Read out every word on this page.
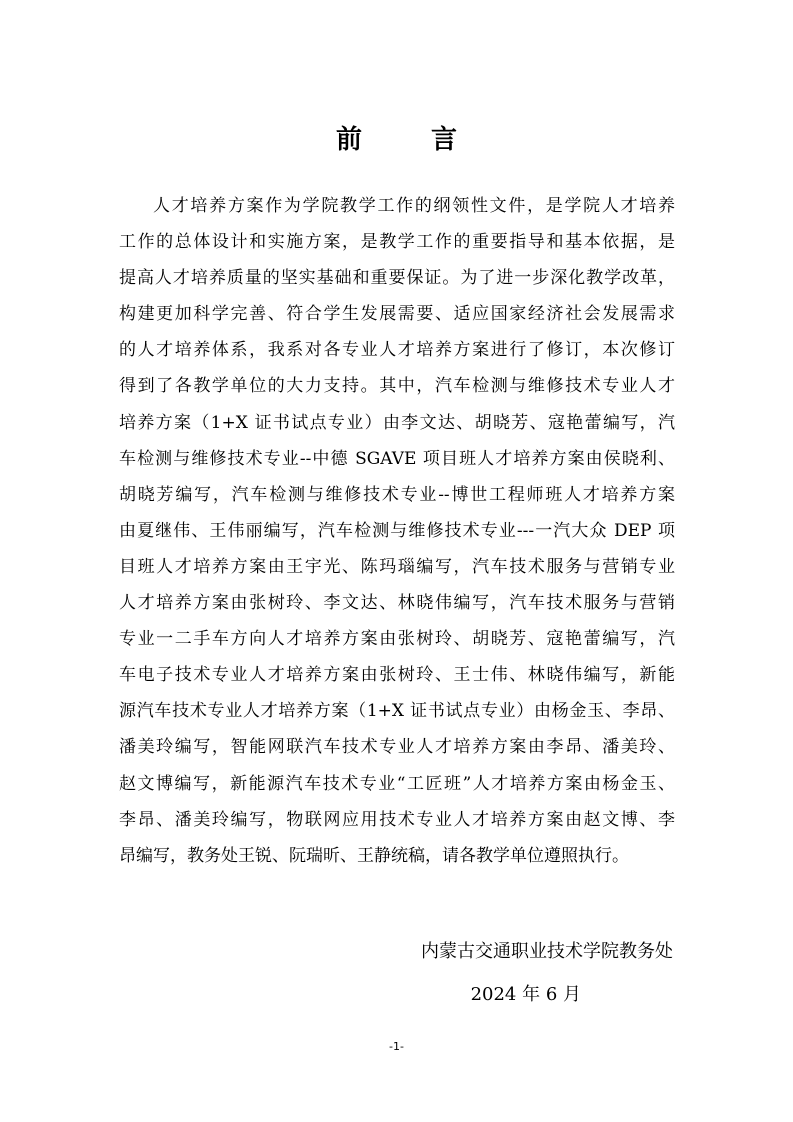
前 言
人才培养方案作为学院教学工作的纲领性文件，是学院人才培养
工作的总体设计和实施方案，是教学工作的重要指导和基本依据，是
提高人才培养质量的坚实基础和重要保证。为了进一步深化教学改革，
构建更加科学完善、符合学生发展需要、适应国家经济社会发展需求
的人才培养体系，我系对各专业人才培养方案进行了修订，本次修订
得到了各教学单位的大力支持。其中，汽车检测与维修技术专业人才
培养方案（1+X 证书试点专业）由李文达、胡晓芳、寇艳蕾编写，汽
车检测与维修技术专业--中德 SGAVE 项目班人才培养方案由侯晓利、
胡晓芳编写，汽车检测与维修技术专业--博世工程师班人才培养方案
由夏继伟、王伟丽编写，汽车检测与维修技术专业---一汽大众 DEP 项
目班人才培养方案由王宇光、陈玛瑙编写，汽车技术服务与营销专业
人才培养方案由张树玲、李文达、林晓伟编写，汽车技术服务与营销
专业一二手车方向人才培养方案由张树玲、胡晓芳、寇艳蕾编写，汽
车电子技术专业人才培养方案由张树玲、王士伟、林晓伟编写，新能
源汽车技术专业人才培养方案（1+X 证书试点专业）由杨金玉、李昂、
潘美玲编写，智能网联汽车技术专业人才培养方案由李昂、潘美玲、
赵文博编写，新能源汽车技术专业“工匠班”人才培养方案由杨金玉、
李昂、潘美玲编写，物联网应用技术专业人才培养方案由赵文博、李
昂编写，教务处王锐、阮瑞昕、王静统稿，请各教学单位遵照执行。
内蒙古交通职业技术学院教务处
2024 年 6 月
-1-
